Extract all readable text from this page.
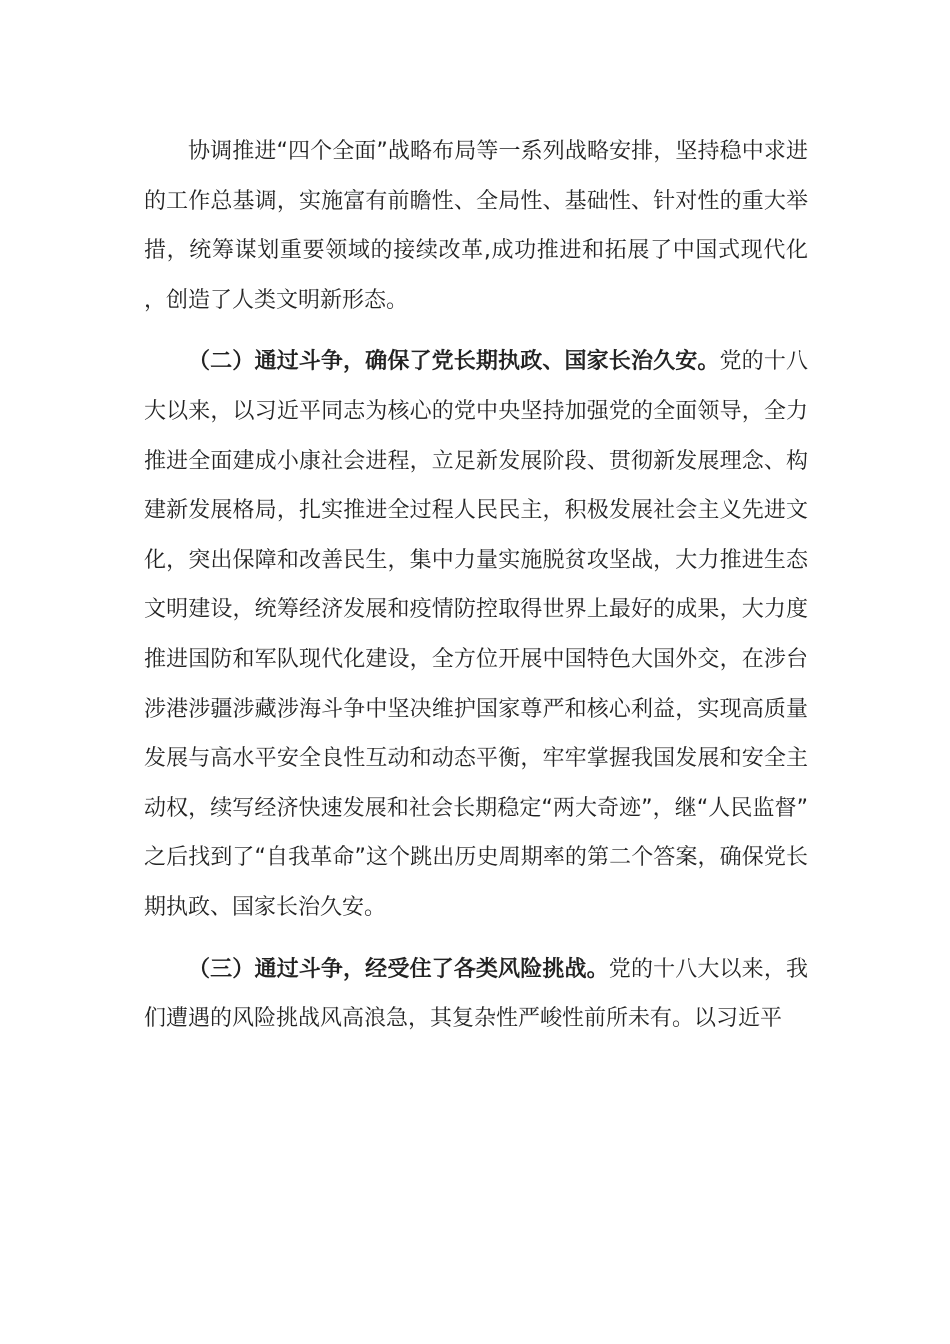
协调推进“四个全面”战略布局等一系列战略安排，坚持稳中求进的工作总基调，实施富有前瞻性、全局性、基础性、针对性的重大举措，统筹谋划重要领域的接续改革,成功推进和拓展了中国式现代化，创造了人类文明新形态。

（二）通过斗争，确保了党长期执政、国家长治久安。党的十八大以来，以习近平同志为核心的党中央坚持加强党的全面领导，全力推进全面建成小康社会进程，立足新发展阶段、贯彻新发展理念、构建新发展格局，扎实推进全过程人民民主，积极发展社会主义先进文化，突出保障和改善民生，集中力量实施脱贫攻坚战，大力推进生态文明建设，统筹经济发展和疫情防控取得世界上最好的成果，大力度推进国防和军队现代化建设，全方位开展中国特色大国外交，在涉台涉港涉疆涉藏涉海斗争中坚决维护国家尊严和核心利益，实现高质量发展与高水平安全良性互动和动态平衡，牢牢掌握我国发展和安全主动权，续写经济快速发展和社会长期稳定“两大奇迹”，继“人民监督”之后找到了“自我革命”这个跳出历史周期率的第二个答案，确保党长期执政、国家长治久安。

（三）通过斗争，经受住了各类风险挑战。党的十八大以来，我们遭遇的风险挑战风高浪急，其复杂性严峻性前所未有。以习近平
